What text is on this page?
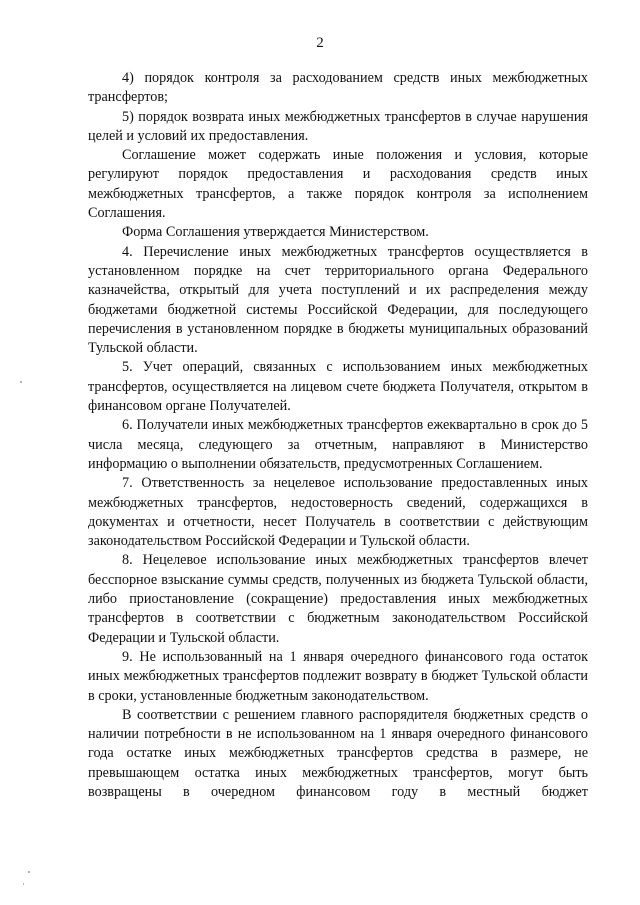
2

4) порядок контроля за расходованием средств иных межбюджетных трансфертов;

5) порядок возврата иных межбюджетных трансфертов в случае нарушения целей и условий их предоставления.

Соглашение может содержать иные положения и условия, которые регулируют порядок предоставления и расходования средств иных межбюджетных трансфертов, а также порядок контроля за исполнением Соглашения.

Форма Соглашения утверждается Министерством.

4. Перечисление иных межбюджетных трансфертов осуществляется в установленном порядке на счет территориального органа Федерального казначейства, открытый для учета поступлений и их распределения между бюджетами бюджетной системы Российской Федерации, для последующего перечисления в установленном порядке в бюджеты муниципальных образований Тульской области.

5. Учет операций, связанных с использованием иных межбюджетных трансфертов, осуществляется на лицевом счете бюджета Получателя, открытом в финансовом органе Получателей.

6. Получатели иных межбюджетных трансфертов ежеквартально в срок до 5 числа месяца, следующего за отчетным, направляют в Министерство информацию о выполнении обязательств, предусмотренных Соглашением.

7. Ответственность за нецелевое использование предоставленных иных межбюджетных трансфертов, недостоверность сведений, содержащихся в документах и отчетности, несет Получатель в соответствии с действующим законодательством Российской Федерации и Тульской области.

8. Нецелевое использование иных межбюджетных трансфертов влечет бесспорное взыскание суммы средств, полученных из бюджета Тульской области, либо приостановление (сокращение) предоставления иных межбюджетных трансфертов в соответствии с бюджетным законодательством Российской Федерации и Тульской области.

9. Не использованный на 1 января очередного финансового года остаток иных межбюджетных трансфертов подлежит возврату в бюджет Тульской области в сроки, установленные бюджетным законодательством.

В соответствии с решением главного распорядителя бюджетных средств о наличии потребности в не использованном на 1 января очередного финансового года остатке иных межбюджетных трансфертов средства в размере, не превышающем остатка иных межбюджетных трансфертов, могут быть возвращены в очередном финансовом году в местный бюджет
